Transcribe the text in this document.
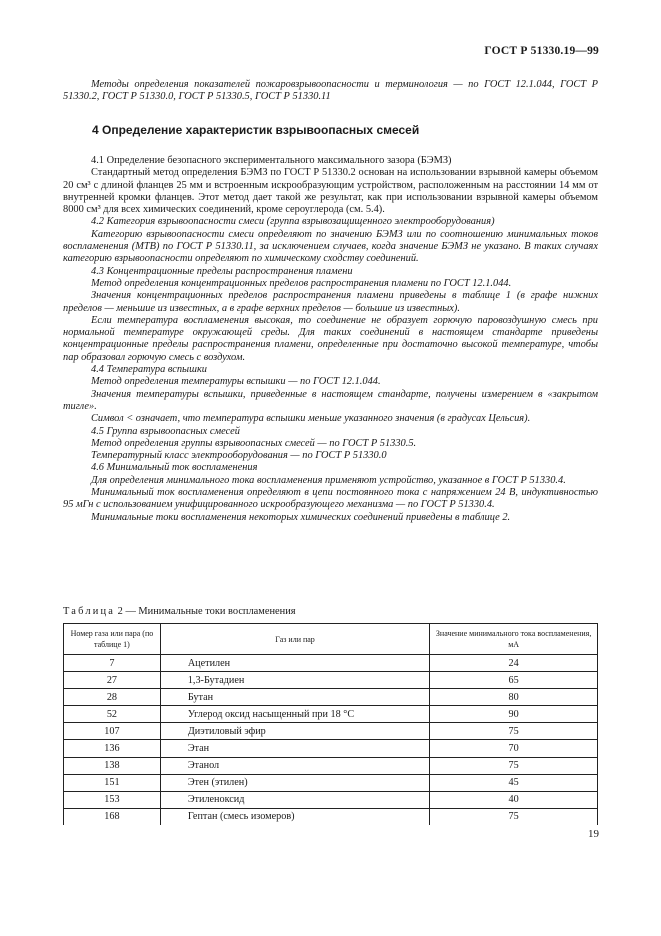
ГОСТ Р 51330.19—99

Методы определения показателей пожаровзрывоопасности и терминология — по ГОСТ 12.1.044, ГОСТ Р 51330.2, ГОСТ Р 51330.0, ГОСТ Р 51330.5, ГОСТ Р 51330.11

4 Определение характеристик взрывоопасных смесей

4.1 Определение безопасного экспериментального максимального зазора (БЭМЗ)

Стандартный метод определения БЭМЗ по ГОСТ Р 51330.2 основан на использовании взрывной камеры объемом 20 см³ с длиной фланцев 25 мм и встроенным искрообразующим устройством, расположенным на расстоянии 14 мм от внутренней кромки фланцев. Этот метод дает такой же результат, как при использовании взрывной камеры объемом 8000 см³ для всех химических соединений, кроме сероуглерода (см. 5.4).

4.2 Категория взрывоопасности смеси (группа взрывозащищенного электрооборудования)

Категорию взрывоопасности смеси определяют по значению БЭМЗ или по соотношению минимальных токов воспламенения (МТВ) по ГОСТ Р 51330.11, за исключением случаев, когда значение БЭМЗ не указано. В таких случаях категорию взрывоопасности определяют по химическому сходству соединений.

4.3 Концентрационные пределы распространения пламени

Метод определения концентрационных пределов распространения пламени по ГОСТ 12.1.044.

Значения концентрационных пределов распространения пламени приведены в таблице 1 (в графе нижних пределов — меньшие из известных, а в графе верхних пределов — большие из известных).

Если температура воспламенения высокая, то соединение не образует горючую паровоздушную смесь при нормальной температуре окружающей среды. Для таких соединений в настоящем стандарте приведены концентрационные пределы распространения пламени, определенные при достаточно высокой температуре, чтобы пар образовал горючую смесь с воздухом.

4.4 Температура вспышки

Метод определения температуры вспышки — по ГОСТ 12.1.044.

Значения температуры вспышки, приведенные в настоящем стандарте, получены измерением в «закрытом тигле».

Символ < означает, что температура вспышки меньше указанного значения (в градусах Цельсия).

4.5 Группа взрывоопасных смесей

Метод определения группы взрывоопасных смесей — по ГОСТ Р 51330.5.

Температурный класс электрооборудования — по ГОСТ Р 51330.0

4.6 Минимальный ток воспламенения

Для определения минимального тока воспламенения применяют устройство, указанное в ГОСТ Р 51330.4.

Минимальный ток воспламенения определяют в цепи постоянного тока с напряжением 24 В, индуктивностью 95 мГн с использованием унифицированного искрообразующего механизма — по ГОСТ Р 51330.4.

Минимальные токи воспламенения некоторых химических соединений приведены в таблице 2.

Таблица 2 — Минимальные токи воспламенения
Номер газа или пара (по таблице 1)	Газ или пар	Значение минимального тока воспламенения, мА
7	Ацетилен	24
27	1,3-Бутадиен	65
28	Бутан	80
52	Углерод оксид насыщенный при 18 °С	90
107	Диэтиловый эфир	75
136	Этан	70
138	Этанол	75
151	Этен (этилен)	45
153	Этиленоксид	40
168	Гептан (смесь изомеров)	75
19
